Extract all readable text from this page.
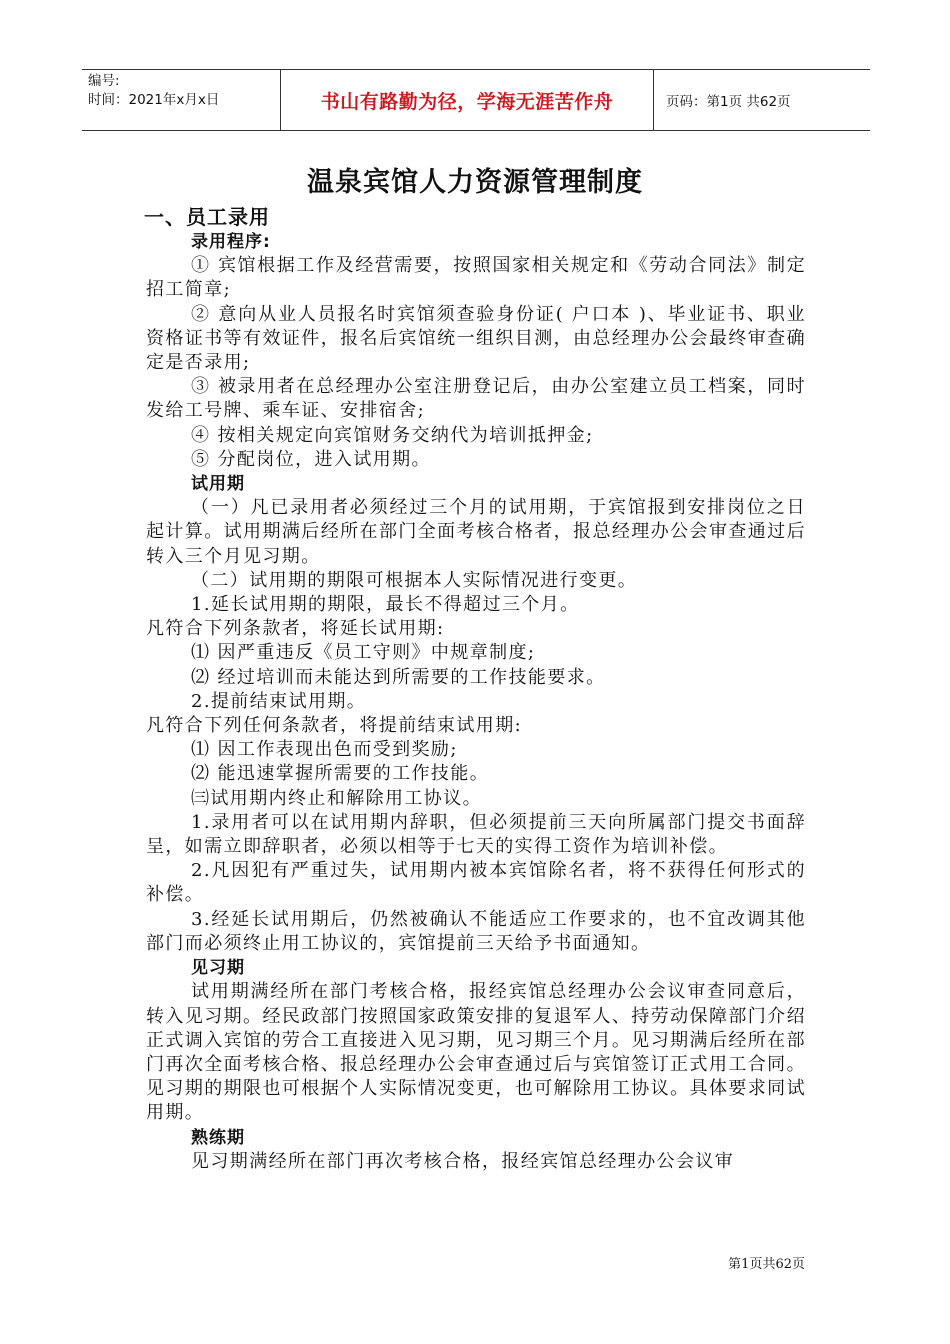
编号:
时间：2021年x月x日	书山有路勤为径，学海无涯苦作舟	页码：第1页 共62页
温泉宾馆人力资源管理制度
一、员工录用
录用程序:
① 宾馆根据工作及经营需要，按照国家相关规定和《劳动合同法》制定招工简章;
② 意向从业人员报名时宾馆须查验身份证( 户口本 )、毕业证书、职业资格证书等有效证件，报名后宾馆统一组织目测，由总经理办公会最终审查确定是否录用;
③ 被录用者在总经理办公室注册登记后，由办公室建立员工档案，同时发给工号牌、乘车证、安排宿舍;
④ 按相关规定向宾馆财务交纳代为培训抵押金;
⑤ 分配岗位，进入试用期。
试用期
（一）凡已录用者必须经过三个月的试用期，于宾馆报到安排岗位之日起计算。试用期满后经所在部门全面考核合格者，报总经理办公会审查通过后转入三个月见习期。
（二）试用期的期限可根据本人实际情况进行变更。
1.延长试用期的期限，最长不得超过三个月。
凡符合下列条款者，将延长试用期:
⑴ 因严重违反《员工守则》中规章制度;
⑵ 经过培训而未能达到所需要的工作技能要求。
2.提前结束试用期。
凡符合下列任何条款者，将提前结束试用期:
⑴ 因工作表现出色而受到奖励;
⑵ 能迅速掌握所需要的工作技能。
㈢试用期内终止和解除用工协议。
1.录用者可以在试用期内辞职，但必须提前三天向所属部门提交书面辞呈，如需立即辞职者，必须以相等于七天的实得工资作为培训补偿。
2.凡因犯有严重过失，试用期内被本宾馆除名者，将不获得任何形式的补偿。
3.经延长试用期后，仍然被确认不能适应工作要求的，也不宜改调其他部门而必须终止用工协议的，宾馆提前三天给予书面通知。
见习期
试用期满经所在部门考核合格，报经宾馆总经理办公会议审查同意后，转入见习期。经民政部门按照国家政策安排的复退军人、持劳动保障部门介绍正式调入宾馆的劳合工直接进入见习期，见习期三个月。见习期满后经所在部门再次全面考核合格、报总经理办公会审查通过后与宾馆签订正式用工合同。见习期的期限也可根据个人实际情况变更，也可解除用工协议。具体要求同试用期。
熟练期
见习期满经所在部门再次考核合格，报经宾馆总经理办公会议审
第1页共62页
